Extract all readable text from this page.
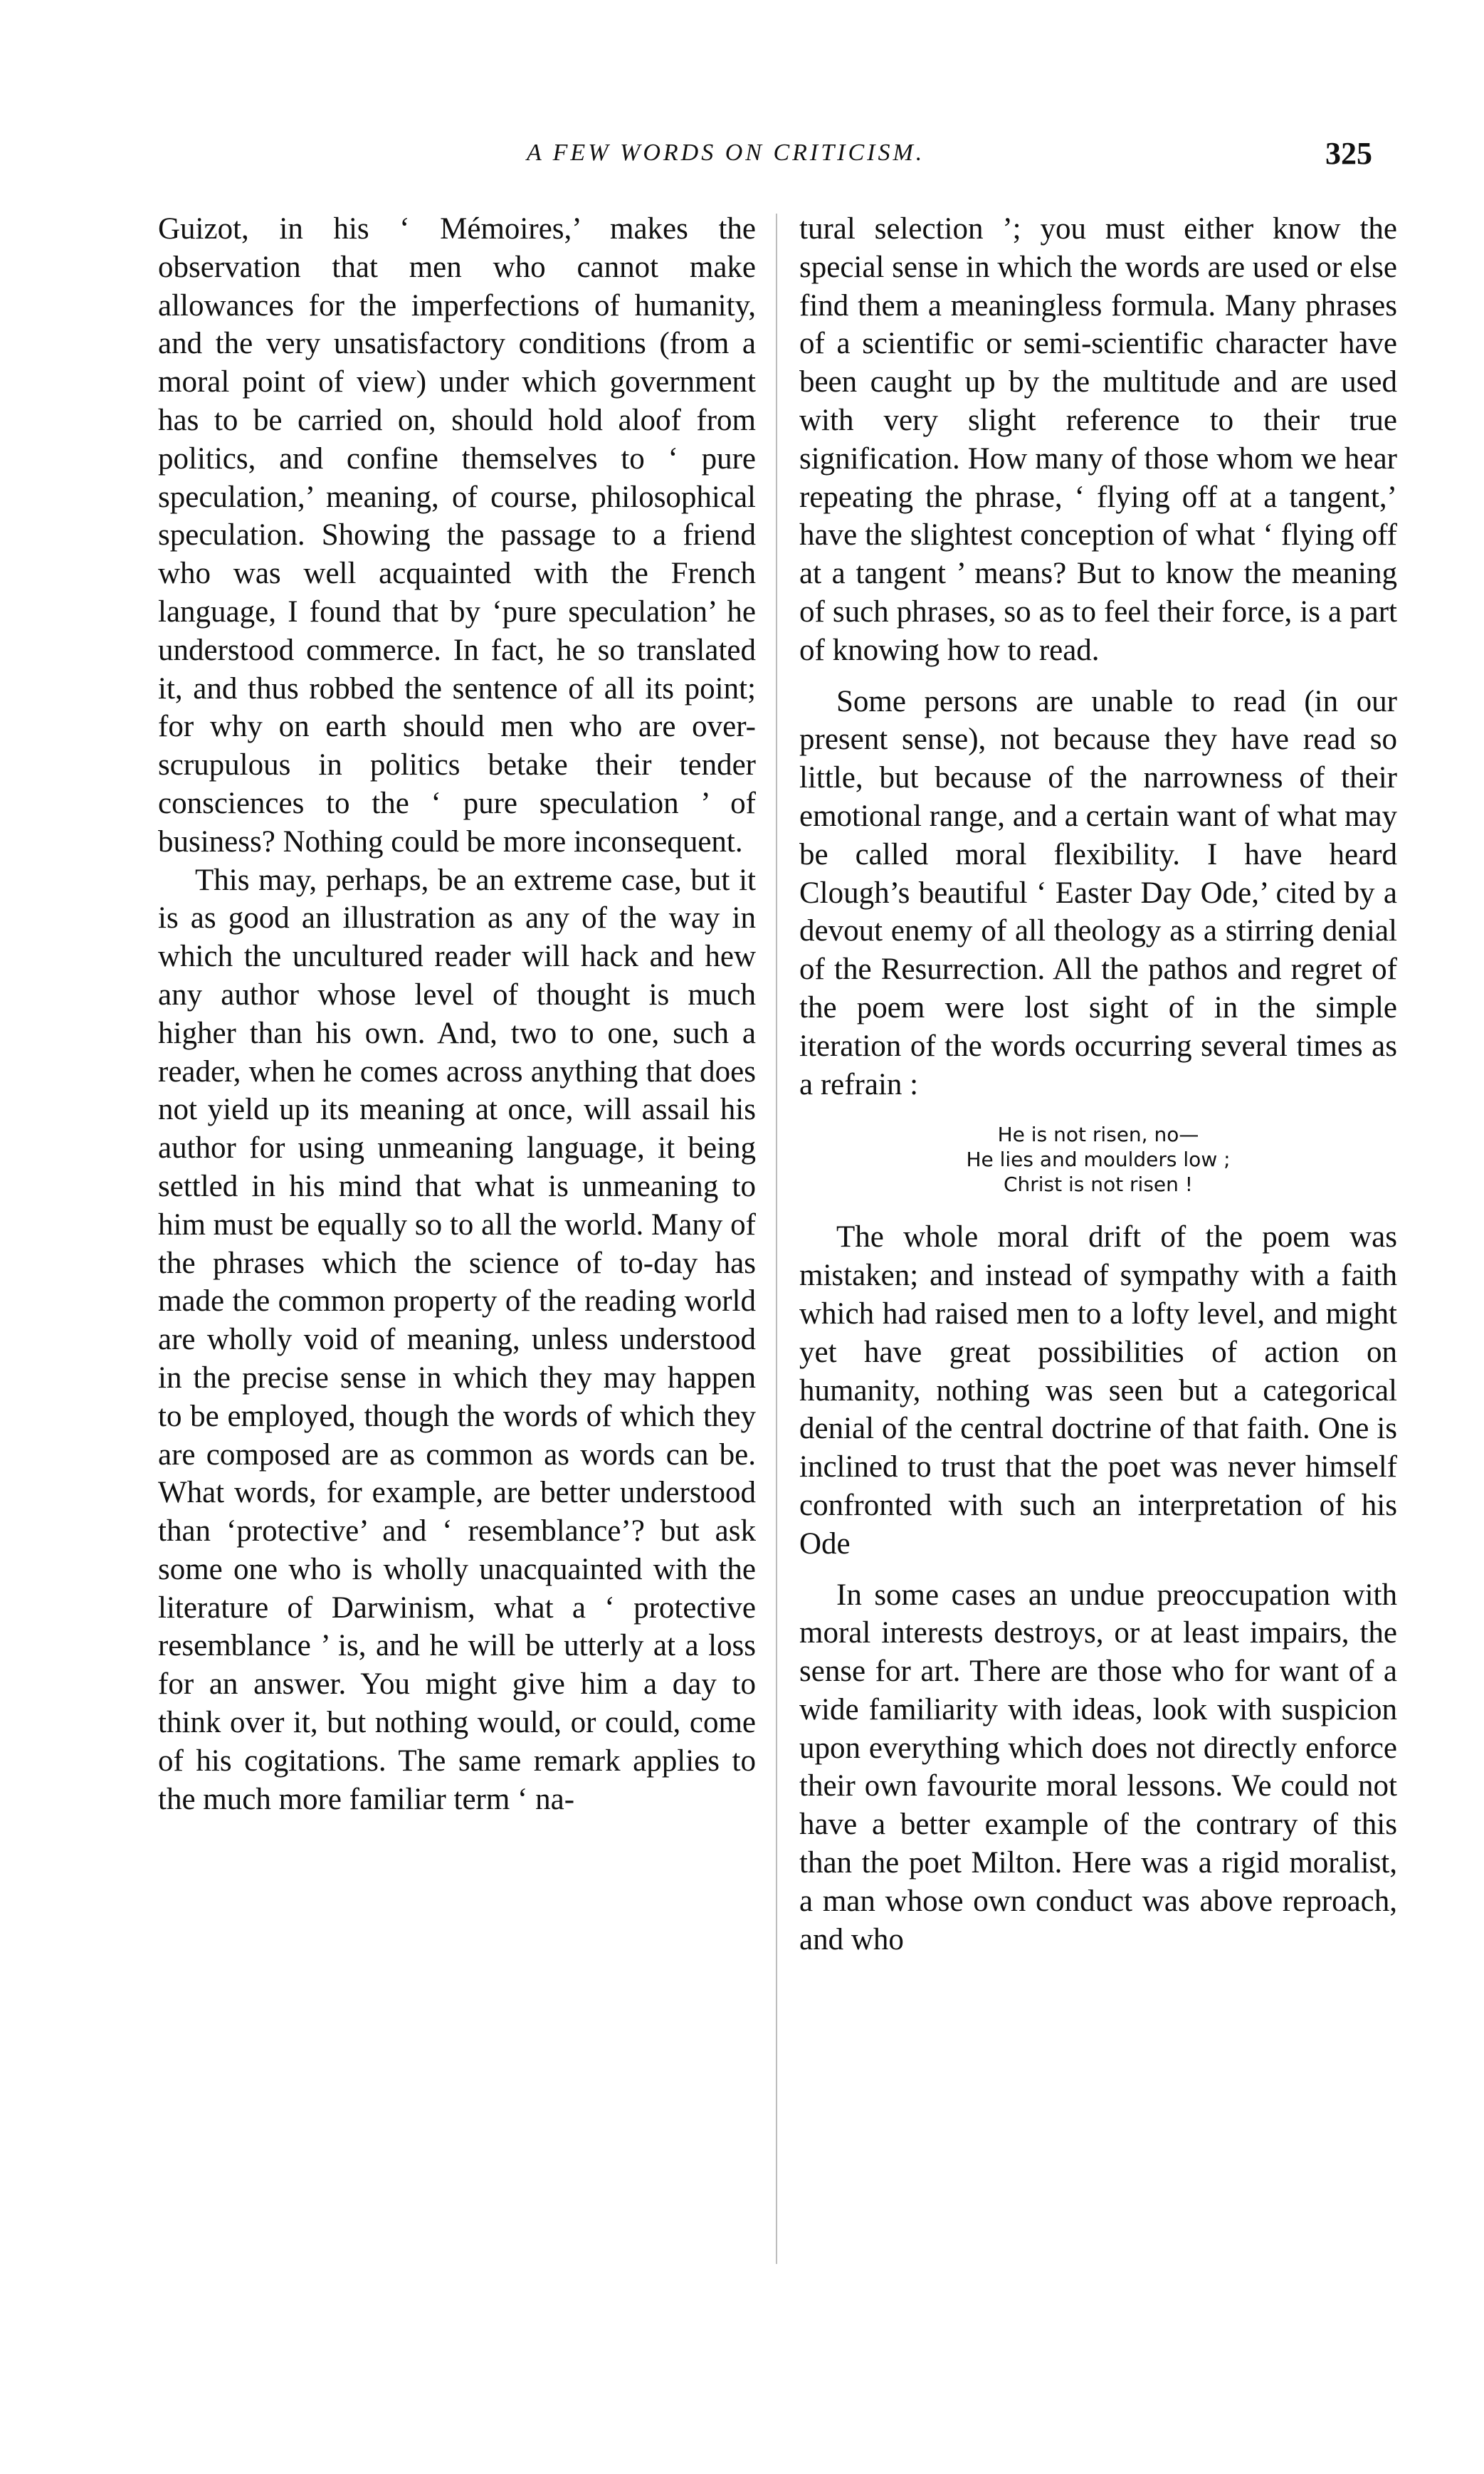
A FEW WORDS ON CRITICISM.	325

Guizot, in his ‘ Mémoires,’ makes the observation that men who cannot make allowances for the imperfections of humanity, and the very unsatisfactory conditions (from a moral point of view) under which government has to be carried on, should hold aloof from politics, and confine themselves to ‘ pure speculation,’ meaning, of course, philosophical speculation. Showing the passage to a friend who was well acquainted with the French language, I found that by ‘pure speculation’ he understood commerce. In fact, he so translated it, and thus robbed the sentence of all its point; for why on earth should men who are over-scrupulous in politics betake their tender consciences to the ‘ pure speculation ’ of business? Nothing could be more inconsequent.

This may, perhaps, be an extreme case, but it is as good an illustration as any of the way in which the uncultured reader will hack and hew any author whose level of thought is much higher than his own. And, two to one, such a reader, when he comes across anything that does not yield up its meaning at once, will assail his author for using unmeaning language, it being settled in his mind that what is unmeaning to him must be equally so to all the world. Many of the phrases which the science of to-day has made the common property of the reading world are wholly void of meaning, unless understood in the precise sense in which they may happen to be employed, though the words of which they are composed are as common as words can be. What words, for example, are better understood than ‘protective’ and ‘ resemblance’? but ask some one who is wholly unacquainted with the literature of Darwinism, what a ‘ protective resemblance ’ is, and he will be utterly at a loss for an answer. You might give him a day to think over it, but nothing would, or could, come of his cogitations. The same remark applies to the much more familiar term ‘ na-

tural selection ’; you must either know the special sense in which the words are used or else find them a meaningless formula. Many phrases of a scientific or semi-scientific character have been caught up by the multitude and are used with very slight reference to their true signification. How many of those whom we hear repeating the phrase, ‘ flying off at a tangent,’ have the slightest conception of what ‘ flying off at a tangent ’ means? But to know the meaning of such phrases, so as to feel their force, is a part of knowing how to read.

Some persons are unable to read (in our present sense), not because they have read so little, but because of the narrowness of their emotional range, and a certain want of what may be called moral flexibility. I have heard Clough’s beautiful ‘ Easter Day Ode,’ cited by a devout enemy of all theology as a stirring denial of the Resurrection. All the pathos and regret of the poem were lost sight of in the simple iteration of the words occurring several times as a refrain :

He is not risen, no—
He lies and moulders low ;
Christ is not risen !

The whole moral drift of the poem was mistaken; and instead of sympathy with a faith which had raised men to a lofty level, and might yet have great possibilities of action on humanity, nothing was seen but a categorical denial of the central doctrine of that faith. One is inclined to trust that the poet was never himself confronted with such an interpretation of his Ode

In some cases an undue preoccupation with moral interests destroys, or at least impairs, the sense for art. There are those who for want of a wide familiarity with ideas, look with suspicion upon everything which does not directly enforce their own favourite moral lessons. We could not have a better example of the contrary of this than the poet Milton. Here was a rigid moralist, a man whose own conduct was above reproach, and who
